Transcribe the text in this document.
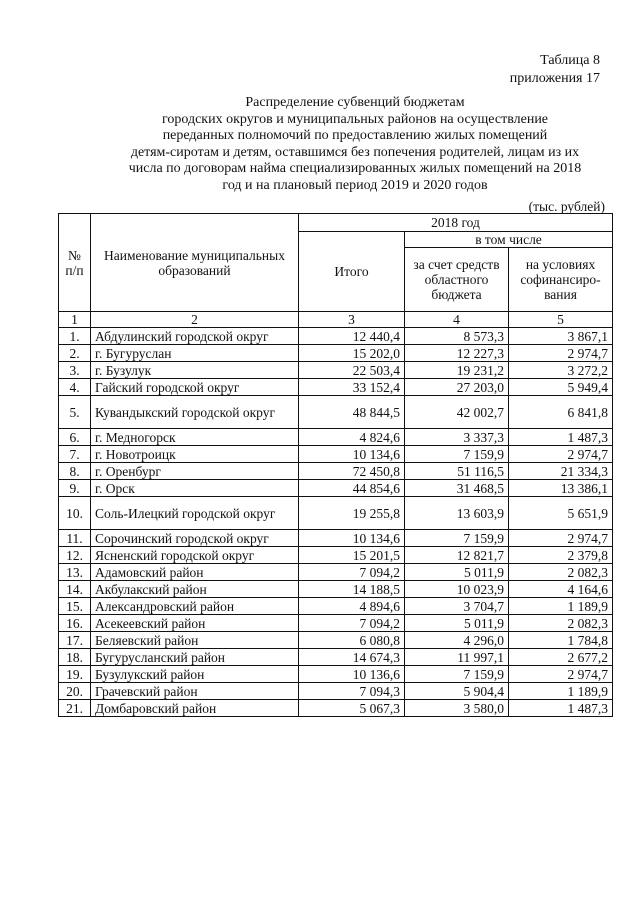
Таблица 8
приложения 17
Распределение субвенций бюджетам
городских округов и муниципальных районов на осуществление
переданных полномочий по предоставлению жилых помещений
детям-сиротам и детям, оставшимся без попечения родителей, лицам из их
числа по договорам найма специализированных жилых помещений на 2018
год и на плановый период 2019 и 2020 годов
(тыс. рублей)
№ п/п	Наименование муниципальных образований	2018 год		
		Итого	в том числе	
			за счет средств областного бюджета	на условиях софинансиро-вания
1	2	3	4	5
1.	Абдулинский городской округ	12 440,4	8 573,3	3 867,1
2.	г. Бугуруслан	15 202,0	12 227,3	2 974,7
3.	г. Бузулук	22 503,4	19 231,2	3 272,2
4.	Гайский городской округ	33 152,4	27 203,0	5 949,4
5.	Кувандыкский городской округ	48 844,5	42 002,7	6 841,8
6.	г. Медногорск	4 824,6	3 337,3	1 487,3
7.	г. Новотроицк	10 134,6	7 159,9	2 974,7
8.	г. Оренбург	72 450,8	51 116,5	21 334,3
9.	г. Орск	44 854,6	31 468,5	13 386,1
10.	Соль-Илецкий городской округ	19 255,8	13 603,9	5 651,9
11.	Сорочинский городской округ	10 134,6	7 159,9	2 974,7
12.	Ясненский городской округ	15 201,5	12 821,7	2 379,8
13.	Адамовский район	7 094,2	5 011,9	2 082,3
14.	Акбулакский район	14 188,5	10 023,9	4 164,6
15.	Александровский район	4 894,6	3 704,7	1 189,9
16.	Асекеевский район	7 094,2	5 011,9	2 082,3
17.	Беляевский район	6 080,8	4 296,0	1 784,8
18.	Бугурусланский район	14 674,3	11 997,1	2 677,2
19.	Бузулукский район	10 136,6	7 159,9	2 974,7
20.	Грачевский район	7 094,3	5 904,4	1 189,9
21.	Домбаровский район	5 067,3	3 580,0	1 487,3
